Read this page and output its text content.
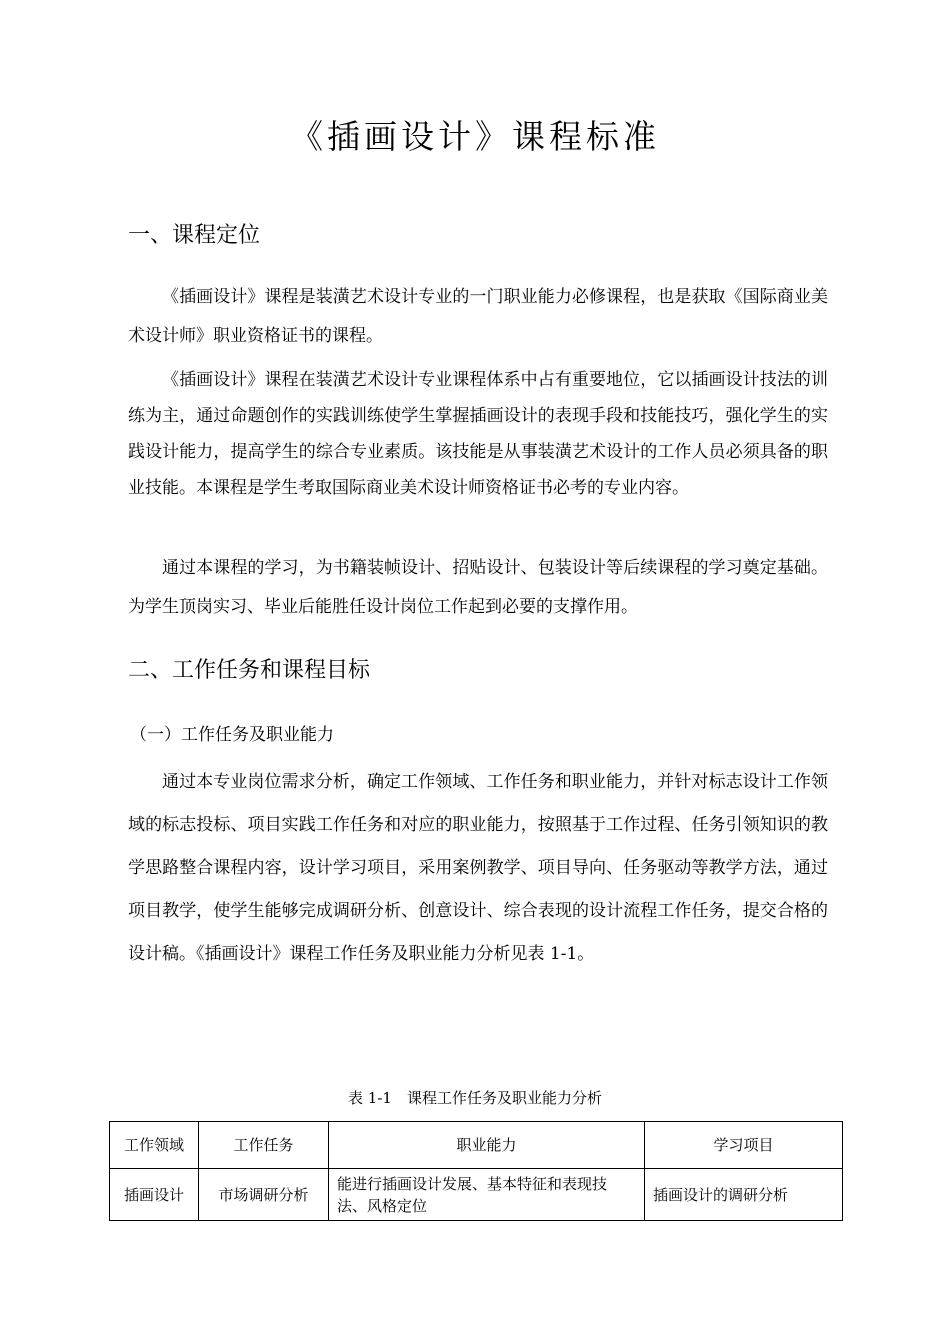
《插画设计》课程标准
一、课程定位

《插画设计》课程是装潢艺术设计专业的一门职业能力必修课程，也是获取《国际商业美术设计师》职业资格证书的课程。

《插画设计》课程在装潢艺术设计专业课程体系中占有重要地位，它以插画设计技法的训练为主，通过命题创作的实践训练使学生掌握插画设计的表现手段和技能技巧，强化学生的实践设计能力，提高学生的综合专业素质。该技能是从事装潢艺术设计的工作人员必须具备的职业技能。本课程是学生考取国际商业美术设计师资格证书必考的专业内容。

通过本课程的学习，为书籍装帧设计、招贴设计、包装设计等后续课程的学习奠定基础。为学生顶岗实习、毕业后能胜任设计岗位工作起到必要的支撑作用。

二、工作任务和课程目标
（一）工作任务及职业能力

通过本专业岗位需求分析，确定工作领域、工作任务和职业能力，并针对标志设计工作领域的标志投标、项目实践工作任务和对应的职业能力，按照基于工作过程、任务引领知识的教学思路整合课程内容，设计学习项目，采用案例教学、项目导向、任务驱动等教学方法，通过项目教学，使学生能够完成调研分析、创意设计、综合表现的设计流程工作任务，提交合格的设计稿。《插画设计》课程工作任务及职业能力分析见表 1-1。

表 1-1　课程工作任务及职业能力分析
工作领域	工作任务	职业能力	学习项目
插画设计	市场调研分析	能进行插画设计发展、基本特征和表现技法、风格定位	插画设计的调研分析
